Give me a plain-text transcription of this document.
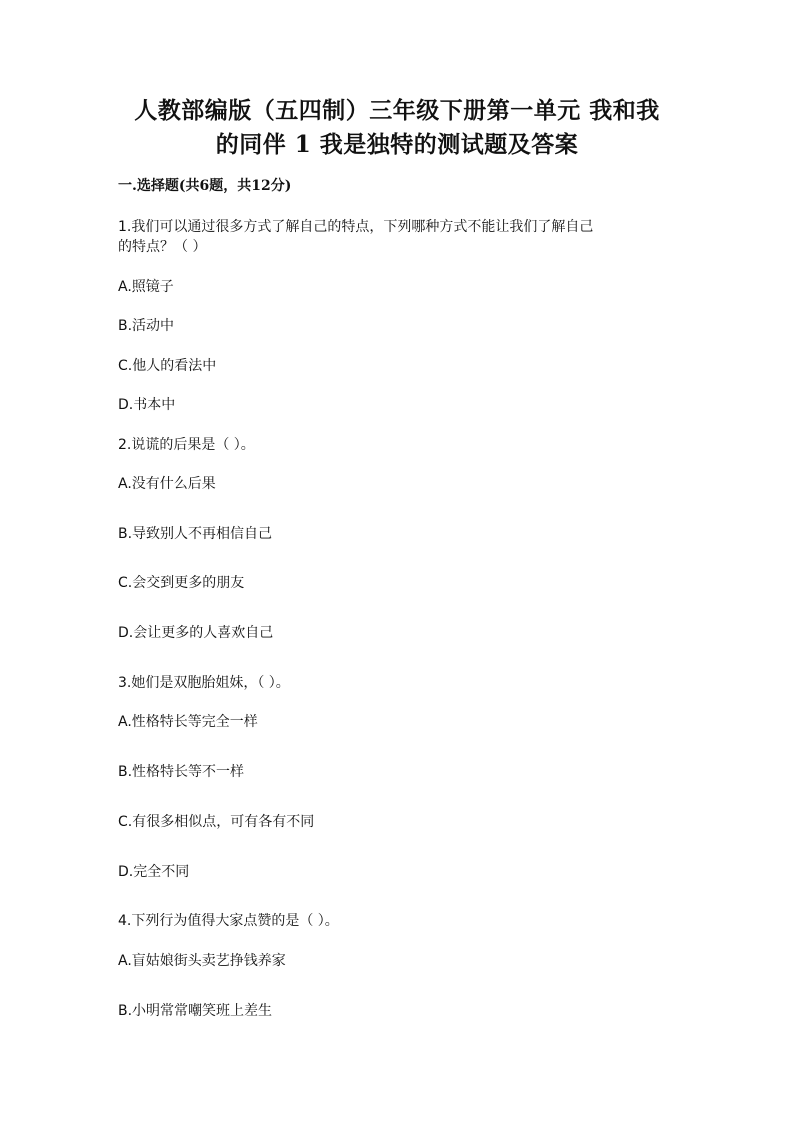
人教部编版（五四制）三年级下册第一单元 我和我
的同伴 1 我是独特的测试题及答案
一.选择题(共6题，共12分)
1.我们可以通过很多方式了解自己的特点，下列哪种方式不能让我们了解自己
的特点？（ ）
A.照镜子
B.活动中
C.他人的看法中
D.书本中
2.说谎的后果是（ ）。
A.没有什么后果
B.导致别人不再相信自己
C.会交到更多的朋友
D.会让更多的人喜欢自己
3.她们是双胞胎姐妹，（ ）。
A.性格特长等完全一样
B.性格特长等不一样
C.有很多相似点，可有各有不同
D.完全不同
4.下列行为值得大家点赞的是（ ）。
A.盲姑娘街头卖艺挣钱养家
B.小明常常嘲笑班上差生
